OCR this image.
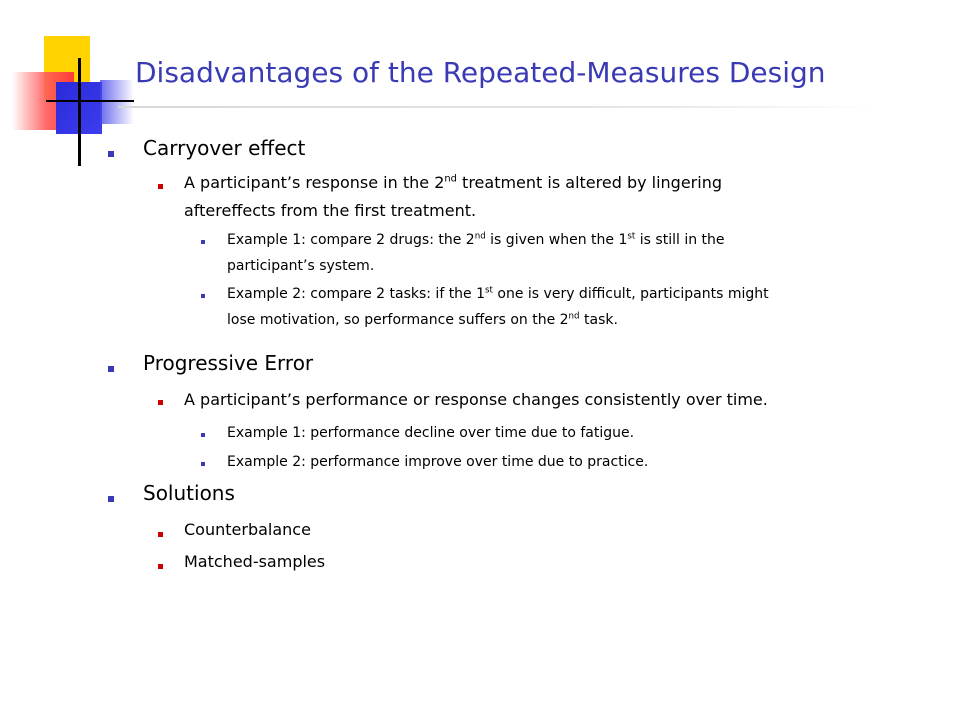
Disadvantages of the Repeated-Measures Design
Carryover effect
A participant’s response in the 2nd treatment is altered by lingering
aftereffects from the first treatment.
Example 1: compare 2 drugs: the 2nd is given when the 1st is still in the
participant’s system.
Example 2: compare 2 tasks: if the 1st one is very difficult, participants might
lose motivation, so performance suffers on the 2nd task.
Progressive Error
A participant’s performance or response changes consistently over time.
Example 1: performance decline over time due to fatigue.
Example 2: performance improve over time due to practice.
Solutions
Counterbalance
Matched-samples
